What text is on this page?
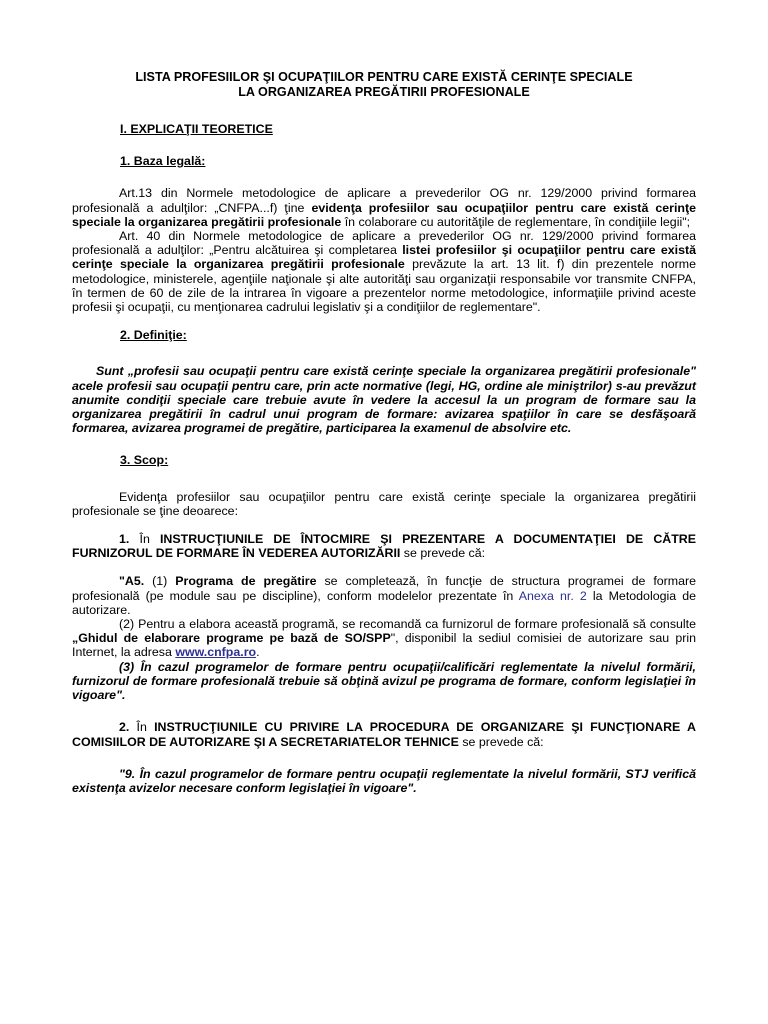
LISTA PROFESIILOR ŞI OCUPAŢIILOR PENTRU CARE EXISTĂ CERINŢE SPECIALE

LA ORGANIZAREA PREGĂTIRII PROFESIONALE

I. EXPLICAŢII TEORETICE

1. Baza legală:

Art.13 din Normele metodologice de aplicare a prevederilor OG nr. 129/2000 privind formarea profesională a adulţilor: „CNFPA...f) ţine evidenţa profesiilor sau ocupaţiilor pentru care există cerinţe speciale la organizarea pregătirii profesionale în colaborare cu autorităţile de reglementare, în condiţiile legii";

Art. 40 din Normele metodologice de aplicare a prevederilor OG nr. 129/2000 privind formarea profesională a adulţilor: „Pentru alcătuirea şi completarea listei profesiilor şi ocupaţiilor pentru care există cerinţe speciale la organizarea pregătirii profesionale prevăzute la art. 13 lit. f) din prezentele norme metodologice, ministerele, agenţiile naţionale şi alte autorităţi sau organizaţii responsabile vor transmite CNFPA, în termen de 60 de zile de la intrarea în vigoare a prezentelor norme metodologice, informaţiile privind aceste profesii şi ocupaţii, cu menţionarea cadrului legislativ şi a condiţiilor de reglementare".

2. Definiţie:

Sunt „profesii sau ocupaţii pentru care există cerinţe speciale la organizarea pregătirii profesionale" acele profesii sau ocupaţii pentru care, prin acte normative (legi, HG, ordine ale miniştrilor) s-au prevăzut anumite condiţii speciale care trebuie avute în vedere la accesul la un program de formare sau la organizarea pregătirii în cadrul unui program de formare: avizarea spaţiilor în care se desfăşoară formarea, avizarea programei de pregătire, participarea la examenul de absolvire etc.

3. Scop:

Evidenţa profesiilor sau ocupaţiilor pentru care există cerinţe speciale la organizarea pregătirii profesionale se ţine deoarece:

1. În INSTRUCŢIUNILE DE ÎNTOCMIRE ŞI PREZENTARE A DOCUMENTAŢIEI DE CĂTRE FURNIZORUL DE FORMARE ÎN VEDEREA AUTORIZĂRII se prevede că:

"A5. (1) Programa de pregătire se completează, în funcţie de structura programei de formare profesională (pe module sau pe discipline), conform modelelor prezentate în Anexa nr. 2 la Metodologia de autorizare.

(2) Pentru a elabora această programă, se recomandă ca furnizorul de formare profesională să consulte „Ghidul de elaborare programe pe bază de SO/SPP", disponibil la sediul comisiei de autorizare sau prin Internet, la adresa www.cnfpa.ro.

(3) În cazul programelor de formare pentru ocupaţii/calificări reglementate la nivelul formării, furnizorul de formare profesională trebuie să obţină avizul pe programa de formare, conform legislaţiei în vigoare".

2. În INSTRUCŢIUNILE CU PRIVIRE LA PROCEDURA DE ORGANIZARE ŞI FUNCŢIONARE A COMISIILOR DE AUTORIZARE ŞI A SECRETARIATELOR TEHNICE se prevede că:

"9. În cazul programelor de formare pentru ocupaţii reglementate la nivelul formării, STJ verifică existenţa avizelor necesare conform legislaţiei în vigoare".
